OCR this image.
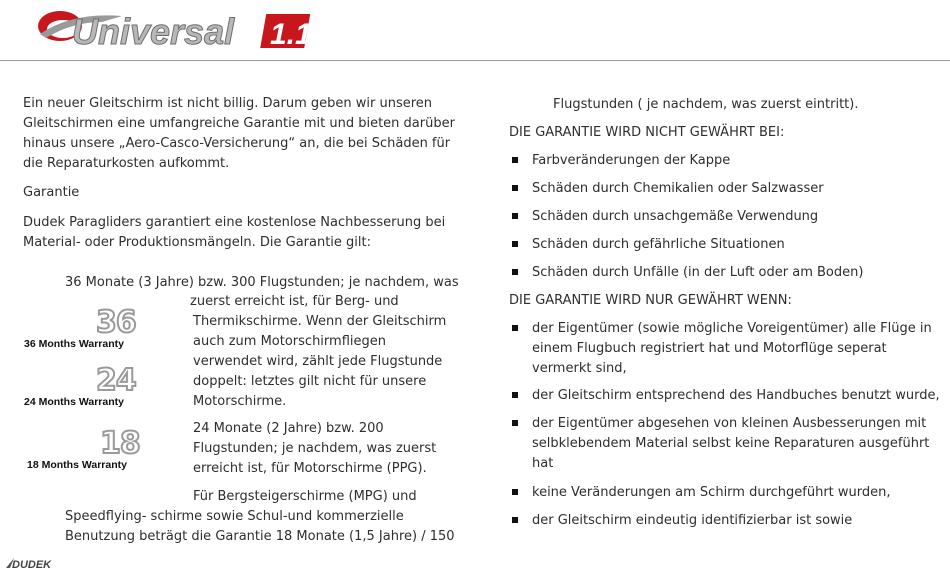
Universal 1.1
Ein neuer Gleitschirm ist nicht billig. Darum geben wir unseren
Gleitschirmen eine umfangreiche Garantie mit und bieten darüber
hinaus unsere „Aero-Casco-Versicherung“ an, die bei Schäden für
die Reparaturkosten aufkommt.
Garantie
Dudek Paragliders garantiert eine kostenlose Nachbesserung bei
Material- oder Produktionsmängeln. Die Garantie gilt:
36 Monate (3 Jahre) bzw. 300 Flugstunden; je nachdem, was
zuerst erreicht ist, für Berg- und
Thermikschirme. Wenn der Gleitschirm
auch zum Motorschirmfliegen
verwendet wird, zählt jede Flugstunde
doppelt: letztes gilt nicht für unsere
Motorschirme.
24 Monate (2 Jahre) bzw. 200
Flugstunden; je nachdem, was zuerst
erreicht ist, für Motorschirme (PPG).
Für Bergsteigerschirme (MPG) und
Speedflying- schirme sowie Schul-und kommerzielle
Benutzung beträgt die Garantie 18 Monate (1,5 Jahre) / 150
36
36 Months Warranty
24
24 Months Warranty
18
18 Months Warranty
Flugstunden ( je nachdem, was zuerst eintritt).
DIE GARANTIE WIRD NICHT GEWÄHRT BEI:
Farbveränderungen der Kappe
Schäden durch Chemikalien oder Salzwasser
Schäden durch unsachgemäße Verwendung
Schäden durch gefährliche Situationen
Schäden durch Unfälle (in der Luft oder am Boden)
DIE GARANTIE WIRD NUR GEWÄHRT WENN:
der Eigentümer (sowie mögliche Voreigentümer) alle Flüge in
einem Flugbuch registriert hat und Motorflüge seperat
vermerkt sind,
der Gleitschirm entsprechend des Handbuches benutzt wurde,
der Eigentümer abgesehen von kleinen Ausbesserungen mit
selbklebendem Material selbst keine Reparaturen ausgeführt
hat
keine Veränderungen am Schirm durchgeführt wurden,
der Gleitschirm eindeutig identifizierbar ist sowie
DUDEK
